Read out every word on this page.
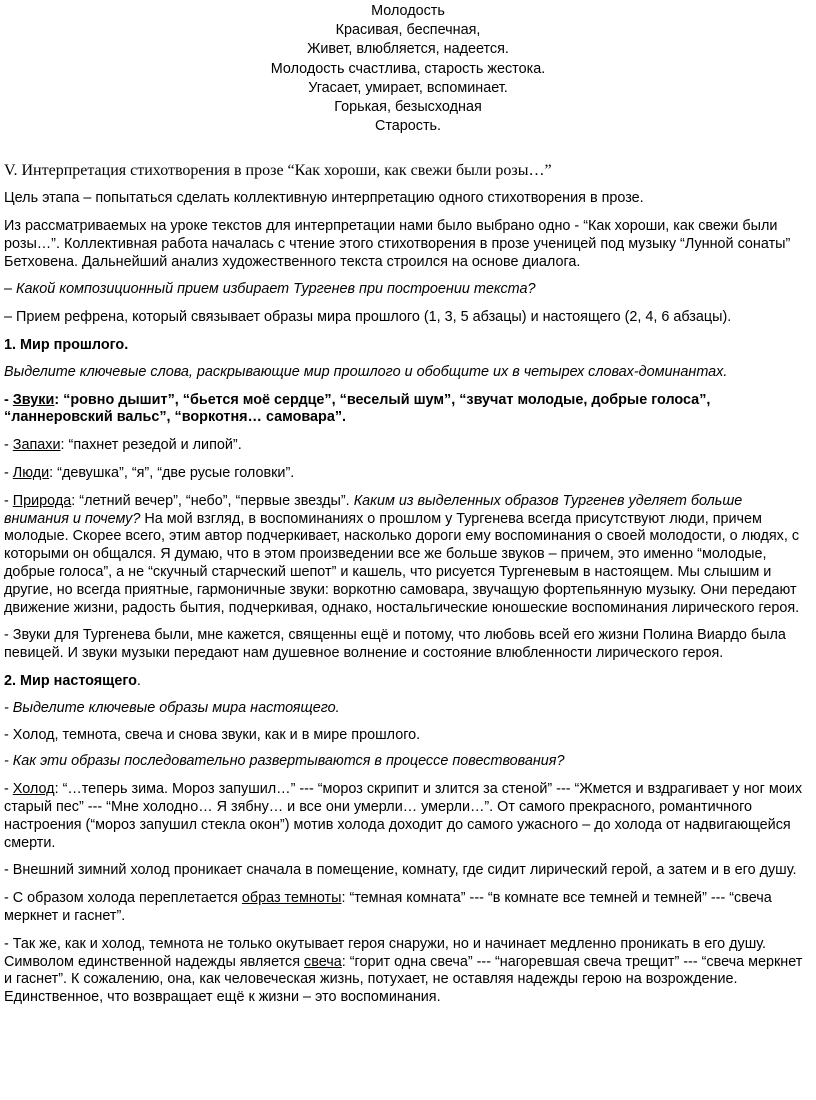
Молодость
Красивая, беспечная,
Живет, влюбляется, надеется.
Молодость счастлива, старость жестока.
Угасает, умирает, вспоминает.
Горькая, безысходная
Старость.

V. Интерпретация стихотворения в прозе “Как хороши, как свежи были розы…”

Цель этапа – попытаться сделать коллективную интерпретацию одного стихотворения в прозе.

Из рассматриваемых на уроке текстов для интерпретации нами было выбрано одно - “Как хороши, как свежи были розы…”. Коллективная работа началась с чтение этого стихотворения в прозе ученицей под музыку “Лунной сонаты” Бетховена. Дальнейший анализ художественного текста строился на основе диалога.

– Какой композиционный прием избирает Тургенев при построении текста?

– Прием рефрена, который связывает образы мира прошлого (1, 3, 5 абзацы) и настоящего (2, 4, 6 абзацы).

1. Мир прошлого.

Выделите ключевые слова, раскрывающие мир прошлого и обобщите их в четырех словах-доминантах.

- Звуки: “ровно дышит”, “бьется моё сердце”, “веселый шум”, “звучат молодые, добрые голоса”, “ланнеровский вальс”, “воркотня… самовара”.

- Запахи: “пахнет резедой и липой”.

- Люди: “девушка”, “я”, “две русые головки”.

- Природа: “летний вечер”, “небо”, “первые звезды”. Каким из выделенных образов Тургенев уделяет больше внимания и почему? На мой взгляд, в воспоминаниях о прошлом у Тургенева всегда присутствуют люди, причем молодые. Скорее всего, этим автор подчеркивает, насколько дороги ему воспоминания о своей молодости, о людях, с которыми он общался. Я думаю, что в этом произведении все же больше звуков – причем, это именно “молодые, добрые голоса”, а не “скучный старческий шепот” и кашель, что рисуется Тургеневым в настоящем. Мы слышим и другие, но всегда приятные, гармоничные звуки: воркотню самовара, звучащую фортепьянную музыку. Они передают движение жизни, радость бытия, подчеркивая, однако, ностальгические юношеские воспоминания лирического героя.

- Звуки для Тургенева были, мне кажется, священны ещё и потому, что любовь всей его жизни Полина Виардо была певицей. И звуки музыки передают нам душевное волнение и состояние влюбленности лирического героя.

2. Мир настоящего.

- Выделите ключевые образы мира настоящего.

- Холод, темнота, свеча и снова звуки, как и в мире прошлого.

- Как эти образы последовательно развертываются в процессе повествования?

- Холод: “…теперь зима. Мороз запушил…” --- “мороз скрипит и злится за стеной” --- “Жмется и вздрагивает у ног моих старый пес” --- “Мне холодно… Я зябну… и все они умерли… умерли…”. От самого прекрасного, романтичного настроения (“мороз запушил стекла окон”) мотив холода доходит до самого ужасного – до холода от надвигающейся смерти.

- Внешний зимний холод проникает сначала в помещение, комнату, где сидит лирический герой, а затем и в его душу.

- С образом холода переплетается образ темноты: “темная комната” --- “в комнате все темней и темней” --- “свеча меркнет и гаснет”.

- Так же, как и холод, темнота не только окутывает героя снаружи, но и начинает медленно проникать в его душу. Символом единственной надежды является свеча: “горит одна свеча” --- “нагоревшая свеча трещит” --- “свеча меркнет и гаснет”. К сожалению, она, как человеческая жизнь, потухает, не оставляя надежды герою на возрождение. Единственное, что возвращает ещё к жизни – это воспоминания.
